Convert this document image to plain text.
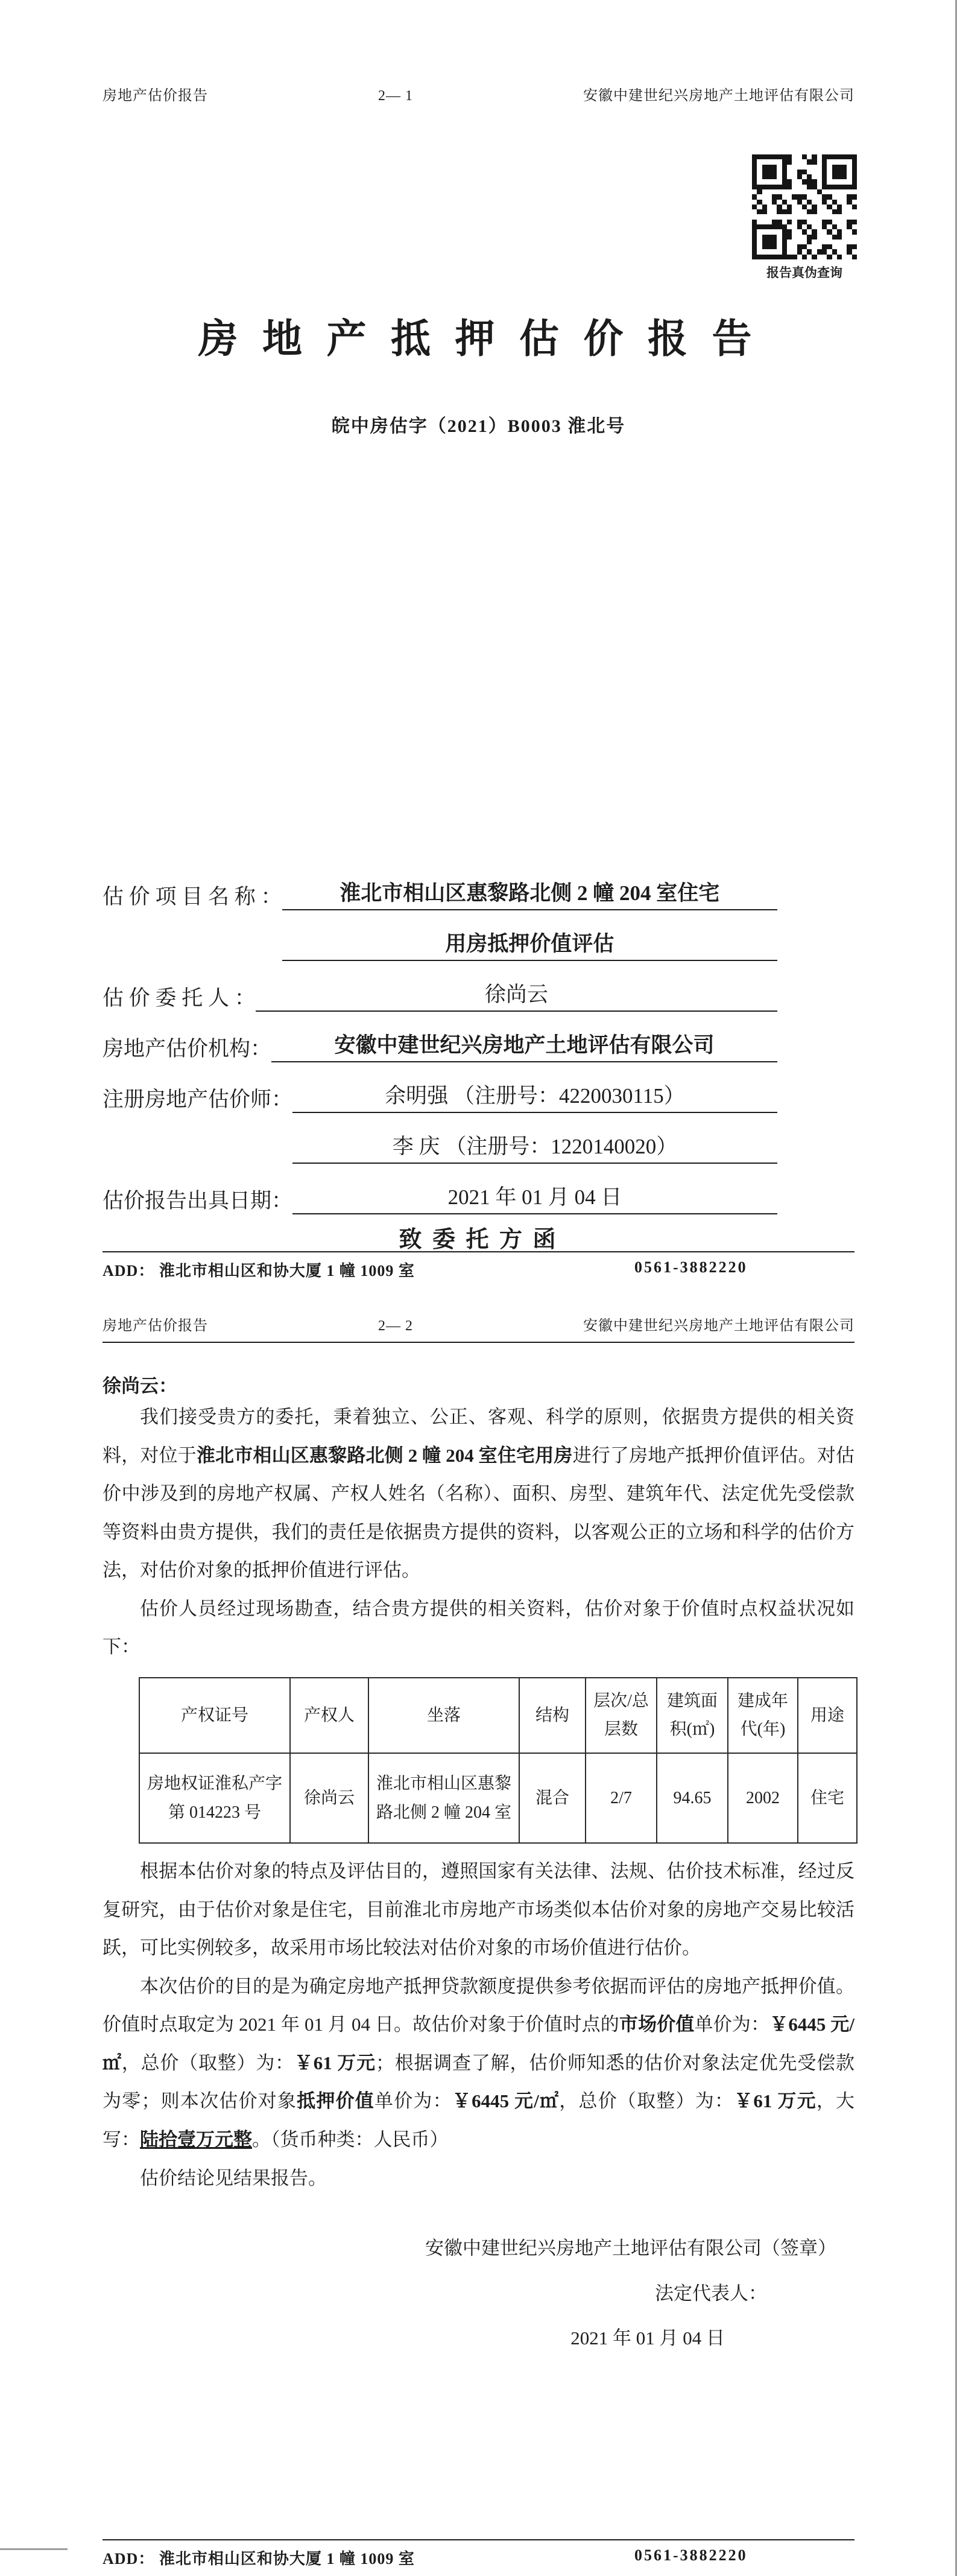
房地产估价报告	2— 1	安徽中建世纪兴房地产土地评估有限公司
报告真伪查询
房 地 产 抵 押 估 价 报 告
皖中房估字（2021）B0003 淮北号
估 价 项 目 名 称 ：	淮北市相山区惠黎路北侧 2 幢 204 室住宅
用房抵押价值评估
估 价 委 托 人 ：	徐尚云
房地产估价机构：	安徽中建世纪兴房地产土地评估有限公司
注册房地产估价师：	余明强 （注册号：4220030115）
李 庆 （注册号：1220140020）
估价报告出具日期：	2021 年 01 月 04 日
致 委 托 方 函
ADD： 淮北市相山区和协大厦 1 幢 1009 室	0561-3882220
房地产估价报告	2— 2	安徽中建世纪兴房地产土地评估有限公司
徐尚云：

我们接受贵方的委托，秉着独立、公正、客观、科学的原则，依据贵方提供的相关资料，对位于淮北市相山区惠黎路北侧 2 幢 204 室住宅用房进行了房地产抵押价值评估。对估价中涉及到的房地产权属、产权人姓名（名称）、面积、房型、建筑年代、法定优先受偿款等资料由贵方提供，我们的责任是依据贵方提供的资料，以客观公正的立场和科学的估价方法，对估价对象的抵押价值进行评估。

估价人员经过现场勘查，结合贵方提供的相关资料，估价对象于价值时点权益状况如下：

产权证号	产权人	坐落	结构	层次/总层数	建筑面积(㎡)	建成年代(年)	用途
房地权证淮私产字第 014223 号	徐尚云	淮北市相山区惠黎路北侧 2 幢 204 室	混合	2/7	94.65	2002	住宅

根据本估价对象的特点及评估目的，遵照国家有关法律、法规、估价技术标准，经过反复研究，由于估价对象是住宅，目前淮北市房地产市场类似本估价对象的房地产交易比较活跃，可比实例较多，故采用市场比较法对估价对象的市场价值进行估价。

本次估价的目的是为确定房地产抵押贷款额度提供参考依据而评估的房地产抵押价值。价值时点取定为 2021 年 01 月 04 日。故估价对象于价值时点的市场价值单价为：￥6445 元/㎡，总价（取整）为：￥61 万元；根据调查了解，估价师知悉的估价对象法定优先受偿款为零；则本次估价对象抵押价值单价为：￥6445 元/㎡，总价（取整）为：￥61 万元，大写：陆拾壹万元整。（货币种类：人民币）

估价结论见结果报告。

安徽中建世纪兴房地产土地评估有限公司（签章）
法定代表人：
2021 年 01 月 04 日
ADD： 淮北市相山区和协大厦 1 幢 1009 室	0561-3882220
